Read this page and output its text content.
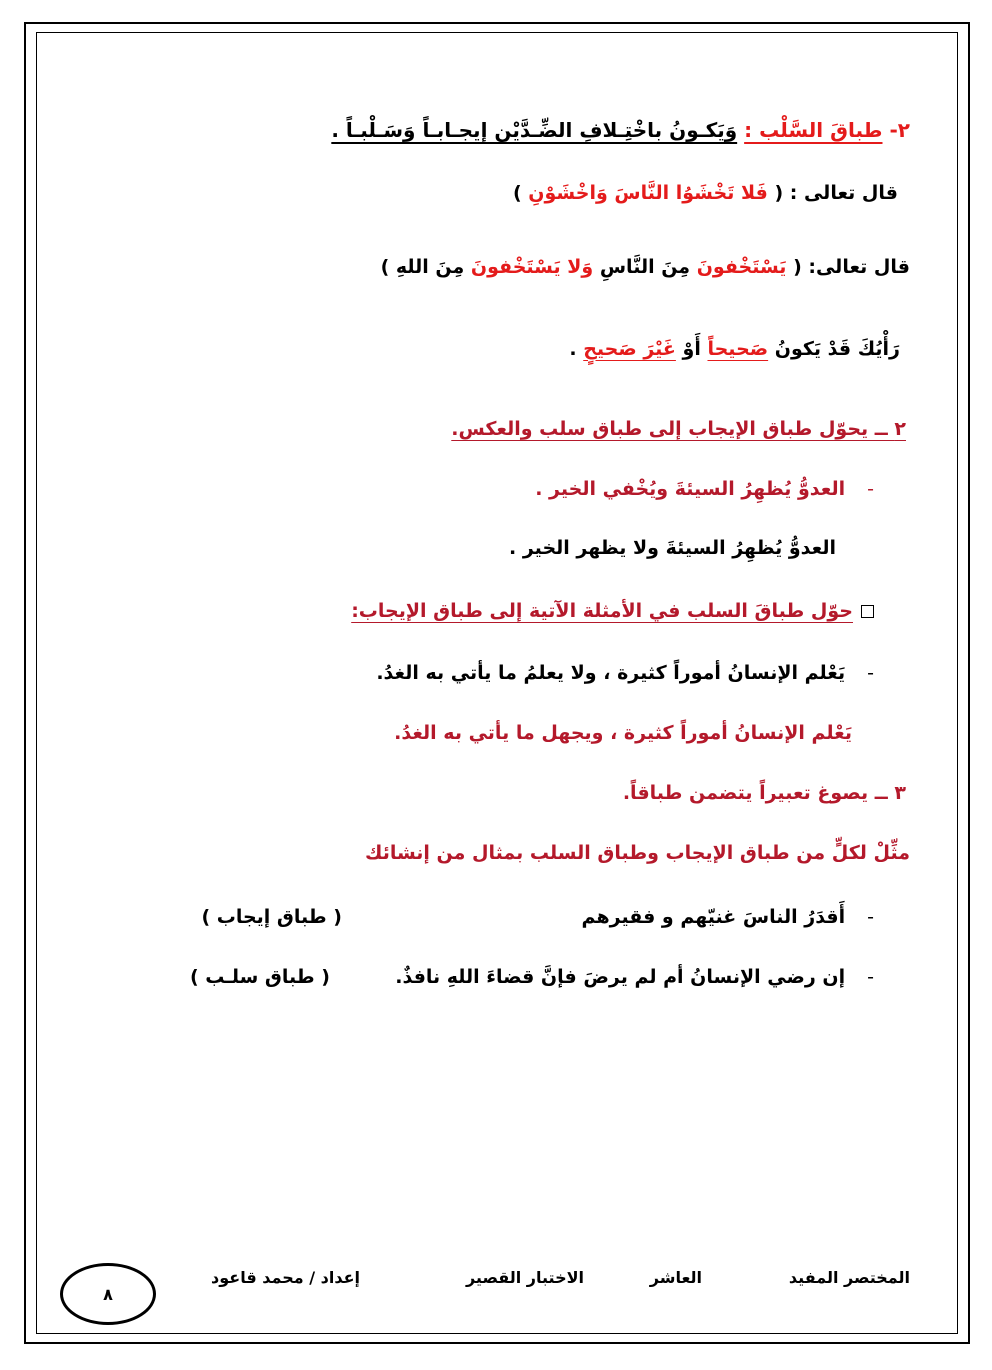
٢- طباقَ السَّلْب : وَيَكـونُ باخْتِـلافِ الضِّـدَّيْن إيجـابـاً وَسَـلْبـاً .
قال تعالى : ( فَلا تَخْشَوُا النَّاسَ وَاخْشَوْنِ )
قال تعالى: ( يَسْتَخْفونَ مِنَ النَّاسِ وَلا يَسْتَخْفونَ مِنَ اللهِ )
رَأْيُكَ قَدْ يَكونُ صَحيحاً أَوْ غَيْرَ صَحيحٍ .
٢ ــ يحوّل طباق الإيجاب إلى طباق سلب والعكس.
-العدوُّ يُظهِرُ السيئةَ ويُخْفي الخير .
العدوُّ يُظهِرُ السيئةَ ولا يظهر الخير .
حوّل طباقَ السلب في الأمثلة الآتية إلى طباق الإيجاب:
-يَعْلم الإنسانُ أموراً كثيرة ، ولا يعلمُ ما يأتي به الغدُ.
يَعْلم الإنسانُ أموراً كثيرة ، ويجهل ما يأتي به الغدُ.
٣ ــ يصوغ تعبيراً يتضمن طباقاً.
مثِّلْ لكلٍّ من طباق الإيجاب وطباق السلب بمثال من إنشائك
-أَقدَرُ الناسَ غنيّهم و فقيرهم
( طباق إيجاب )
-إن رضي الإنسانُ أم لم يرضَ فإنَّ قضاءَ اللهِ نافذٌ.
( طباق سلـب )
المختصر المفيد
العاشر
الاختبار القصير
إعداد / محمد قاعود
٨
